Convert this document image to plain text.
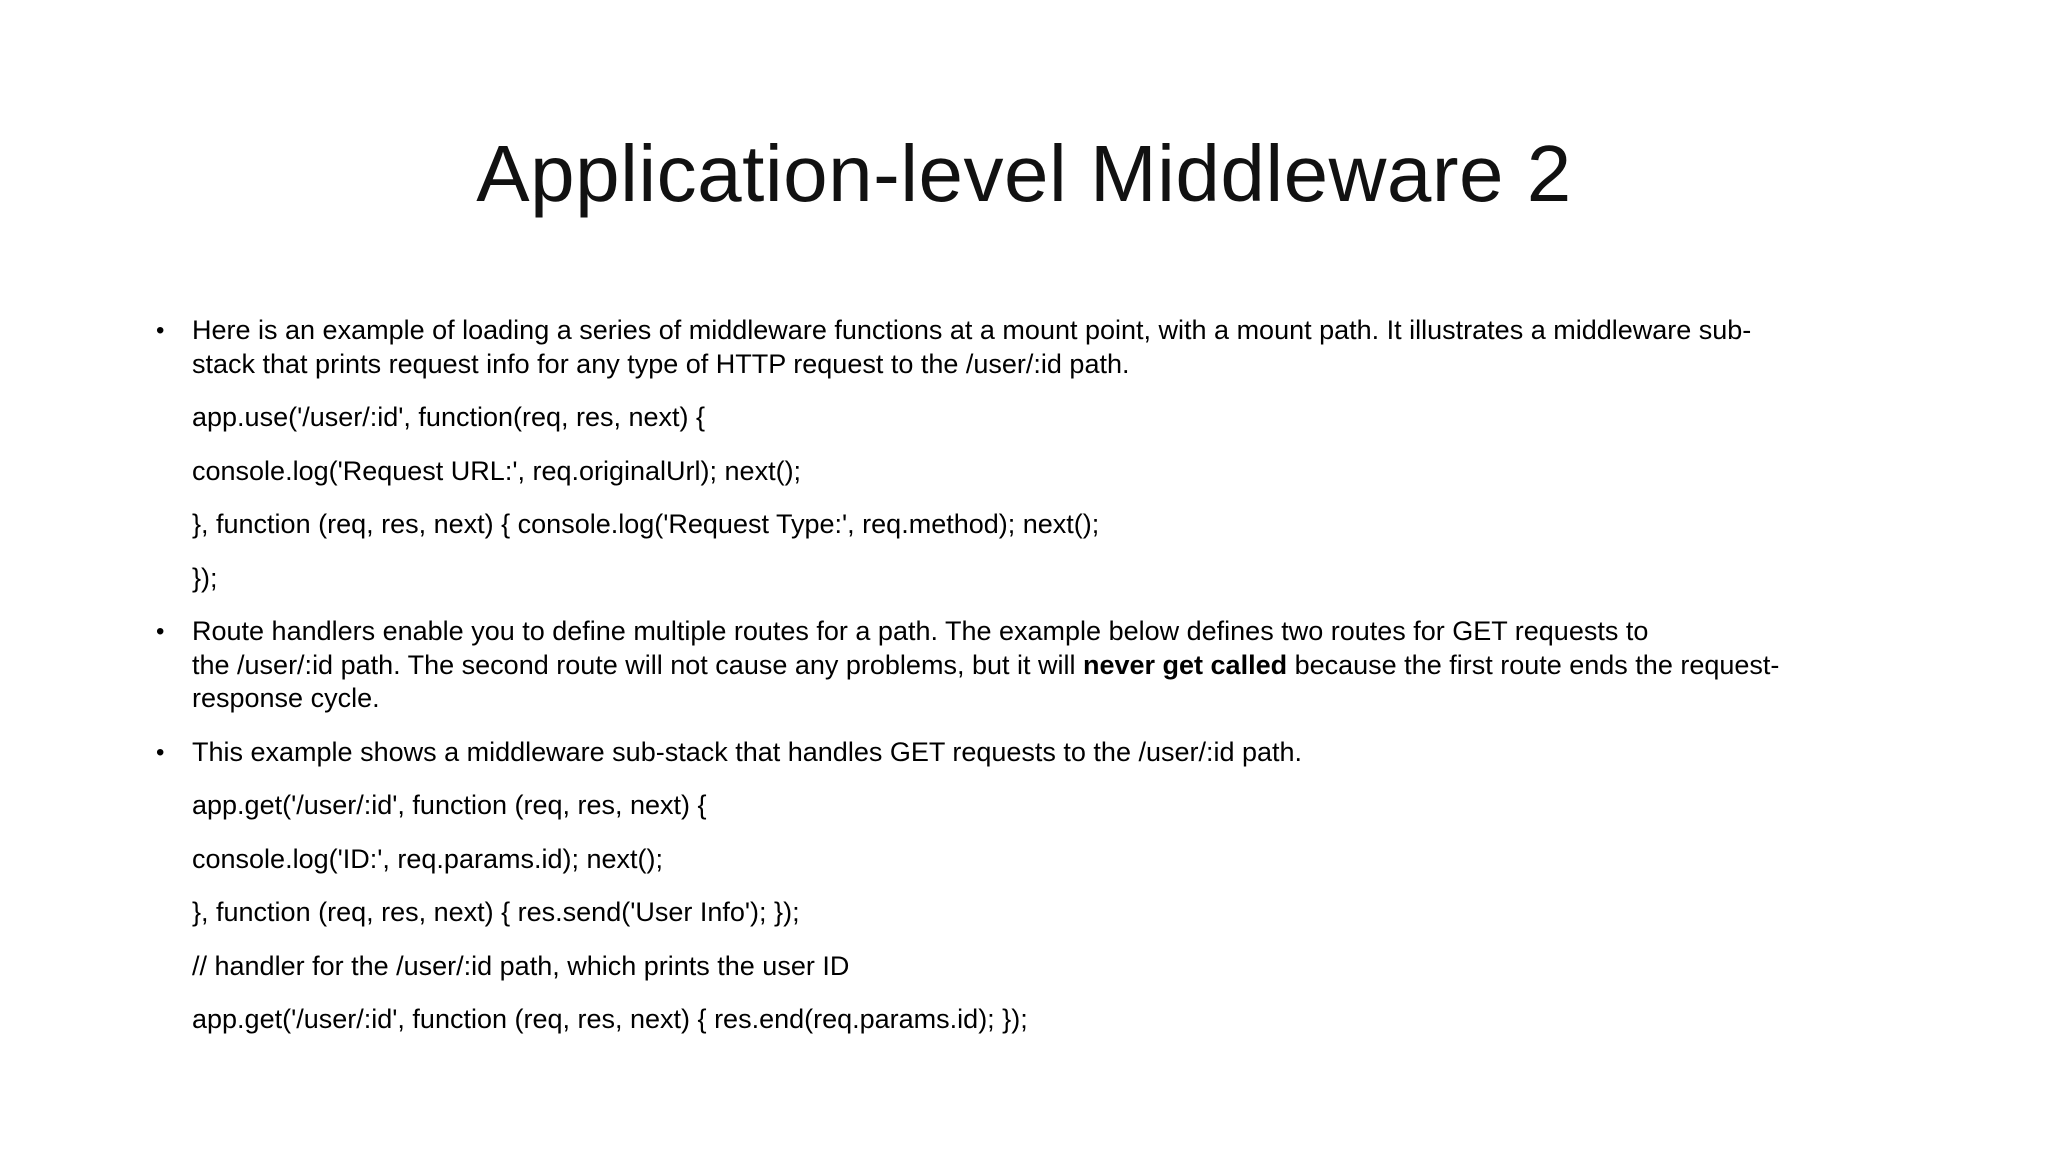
Application-level Middleware 2
• Here is an example of loading a series of middleware functions at a mount point, with a mount path. It illustrates a middleware sub-
stack that prints request info for any type of HTTP request to the /user/:id path.
app.use('/user/:id', function(req, res, next) {
console.log('Request URL:', req.originalUrl); next();
}, function (req, res, next) { console.log('Request Type:', req.method); next();
});
• Route handlers enable you to define multiple routes for a path. The example below defines two routes for GET requests to
the /user/:id path. The second route will not cause any problems, but it will never get called because the first route ends the request-
response cycle.
• This example shows a middleware sub-stack that handles GET requests to the /user/:id path.
app.get('/user/:id', function (req, res, next) {
console.log('ID:', req.params.id); next();
}, function (req, res, next) { res.send('User Info'); });
// handler for the /user/:id path, which prints the user ID
app.get('/user/:id', function (req, res, next) { res.end(req.params.id); });
